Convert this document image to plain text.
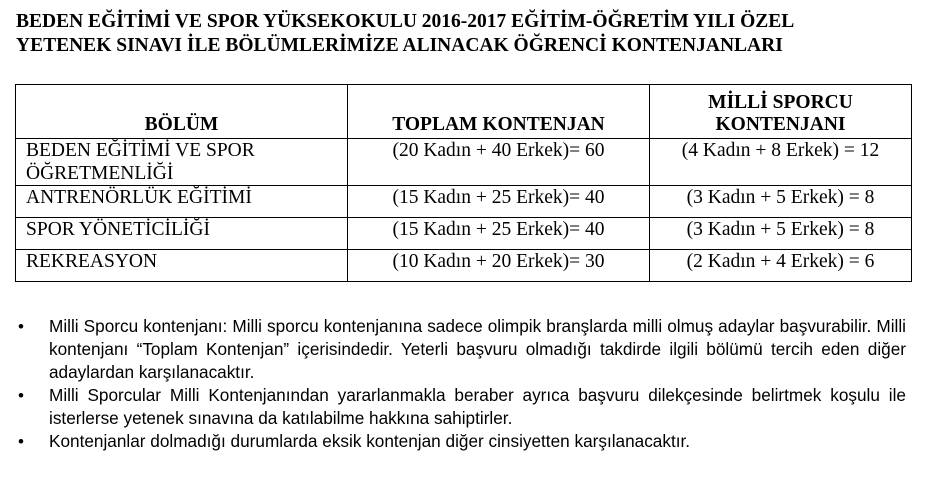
BEDEN EĞİTİMİ VE SPOR YÜKSEKOKULU 2016-2017 EĞİTİM-ÖĞRETİM YILI ÖZEL
YETENEK SINAVI İLE BÖLÜMLERİMİZE ALINACAK ÖĞRENCİ KONTENJANLARI
BÖLÜM	TOPLAM KONTENJAN	MİLLİ SPORCU
KONTENJANI

BEDEN EĞİTİMİ VE SPOR
ÖĞRETMENLİĞİ	(20 Kadın + 40 Erkek)= 60	(4 Kadın + 8 Erkek) = 12
ANTRENÖRLÜK EĞİTİMİ	(15 Kadın + 25 Erkek)= 40	(3 Kadın + 5 Erkek) = 8
SPOR YÖNETİCİLİĞİ	(15 Kadın + 25 Erkek)= 40	(3 Kadın + 5 Erkek) = 8
REKREASYON	(10 Kadın + 20 Erkek)= 30	(2 Kadın + 4 Erkek) = 6
• Milli Sporcu kontenjanı: Milli sporcu kontenjanına sadece olimpik branşlarda milli olmuş adaylar başvurabilir. Milli kontenjanı “Toplam Kontenjan” içerisindedir. Yeterli başvuru olmadığı takdirde ilgili bölümü tercih eden diğer adaylardan karşılanacaktır.
• Milli Sporcular Milli Kontenjanından yararlanmakla beraber ayrıca başvuru dilekçesinde belirtmek koşulu ile isterlerse yetenek sınavına da katılabilme hakkına sahiptirler.
• Kontenjanlar dolmadığı durumlarda eksik kontenjan diğer cinsiyetten karşılanacaktır.
